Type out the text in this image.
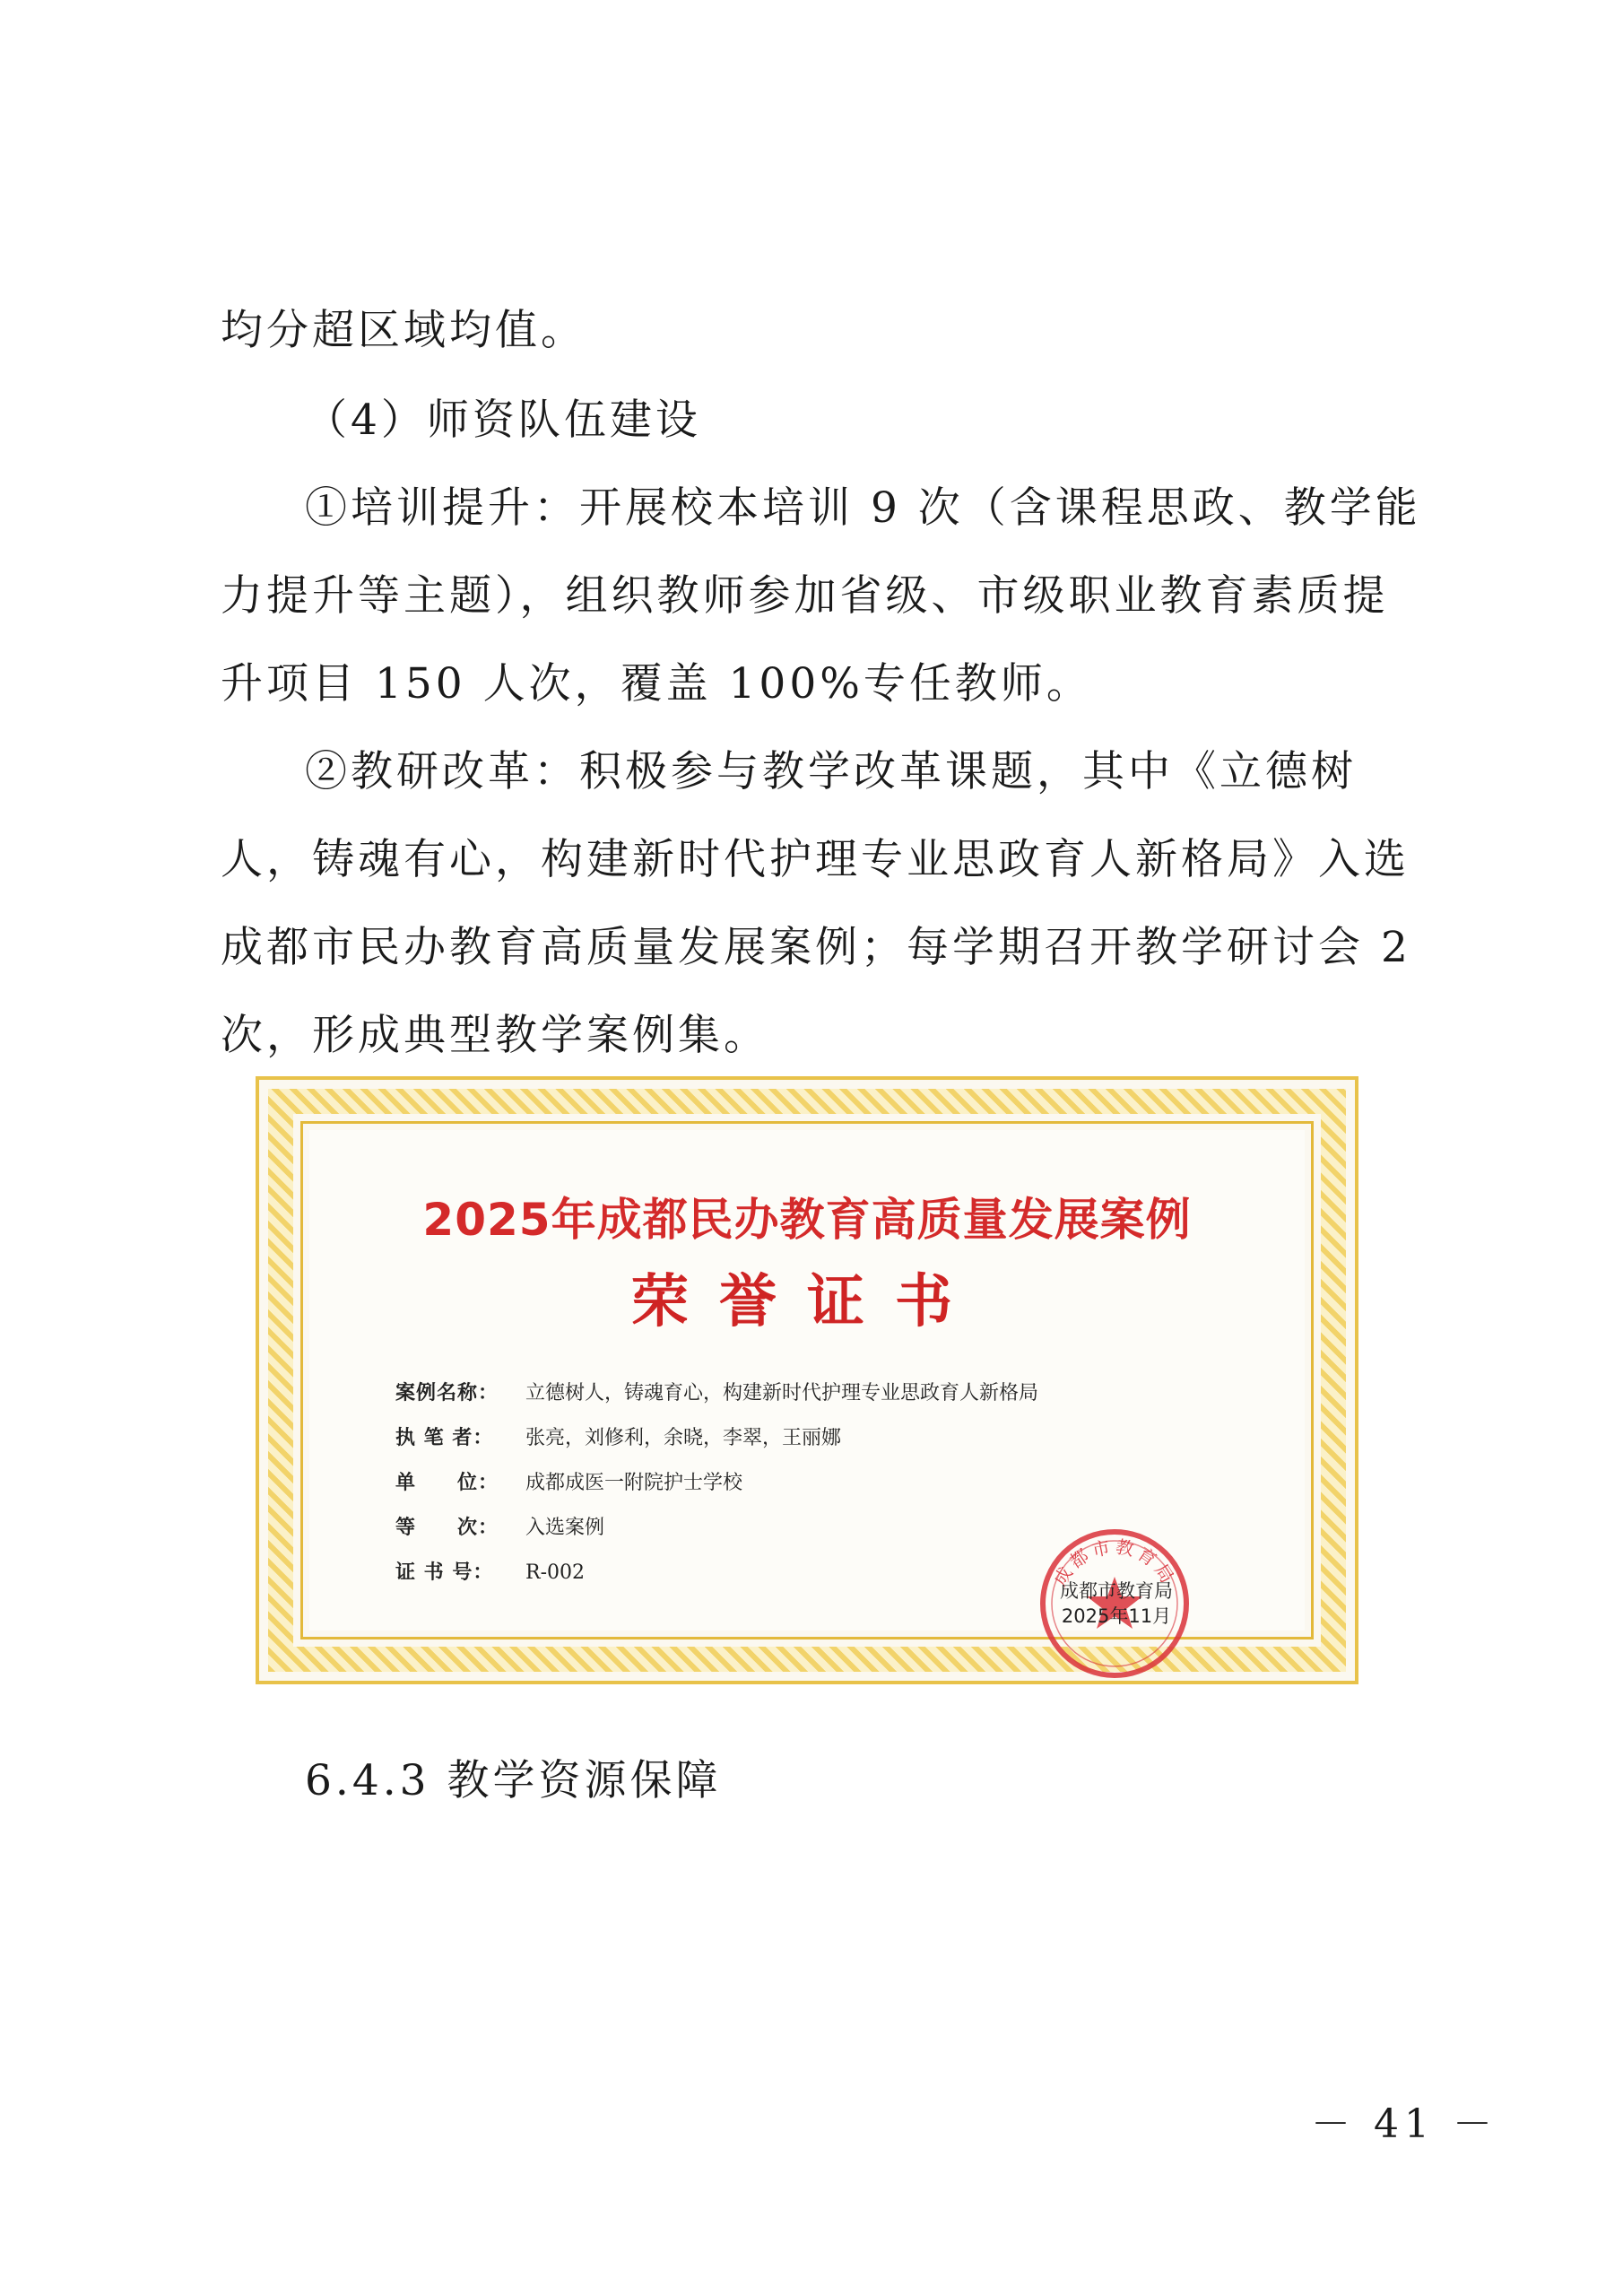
均分超区域均值。

（4）师资队伍建设

①培训提升：开展校本培训 9 次（含课程思政、教学能力提升等主题），组织教师参加省级、市级职业教育素质提升项目 150 人次，覆盖 100%专任教师。

②教研改革：积极参与教学改革课题，其中《立德树人，铸魂有心，构建新时代护理专业思政育人新格局》入选成都市民办教育高质量发展案例；每学期召开教学研讨会 2 次，形成典型教学案例集。

2025年成都民办教育高质量发展案例
荣誉证书
案例名称： 立德树人，铸魂育心，构建新时代护理专业思政育人新格局
执 笔 者： 张亮，刘修利，余晓，李翠，王丽娜
单　　位： 成都成医一附院护士学校
等　　次： 入选案例
证 书 号： R-002	成都市教育局
成都市教育局
2025年11月
6.4.3 教学资源保障
－ 41 －
